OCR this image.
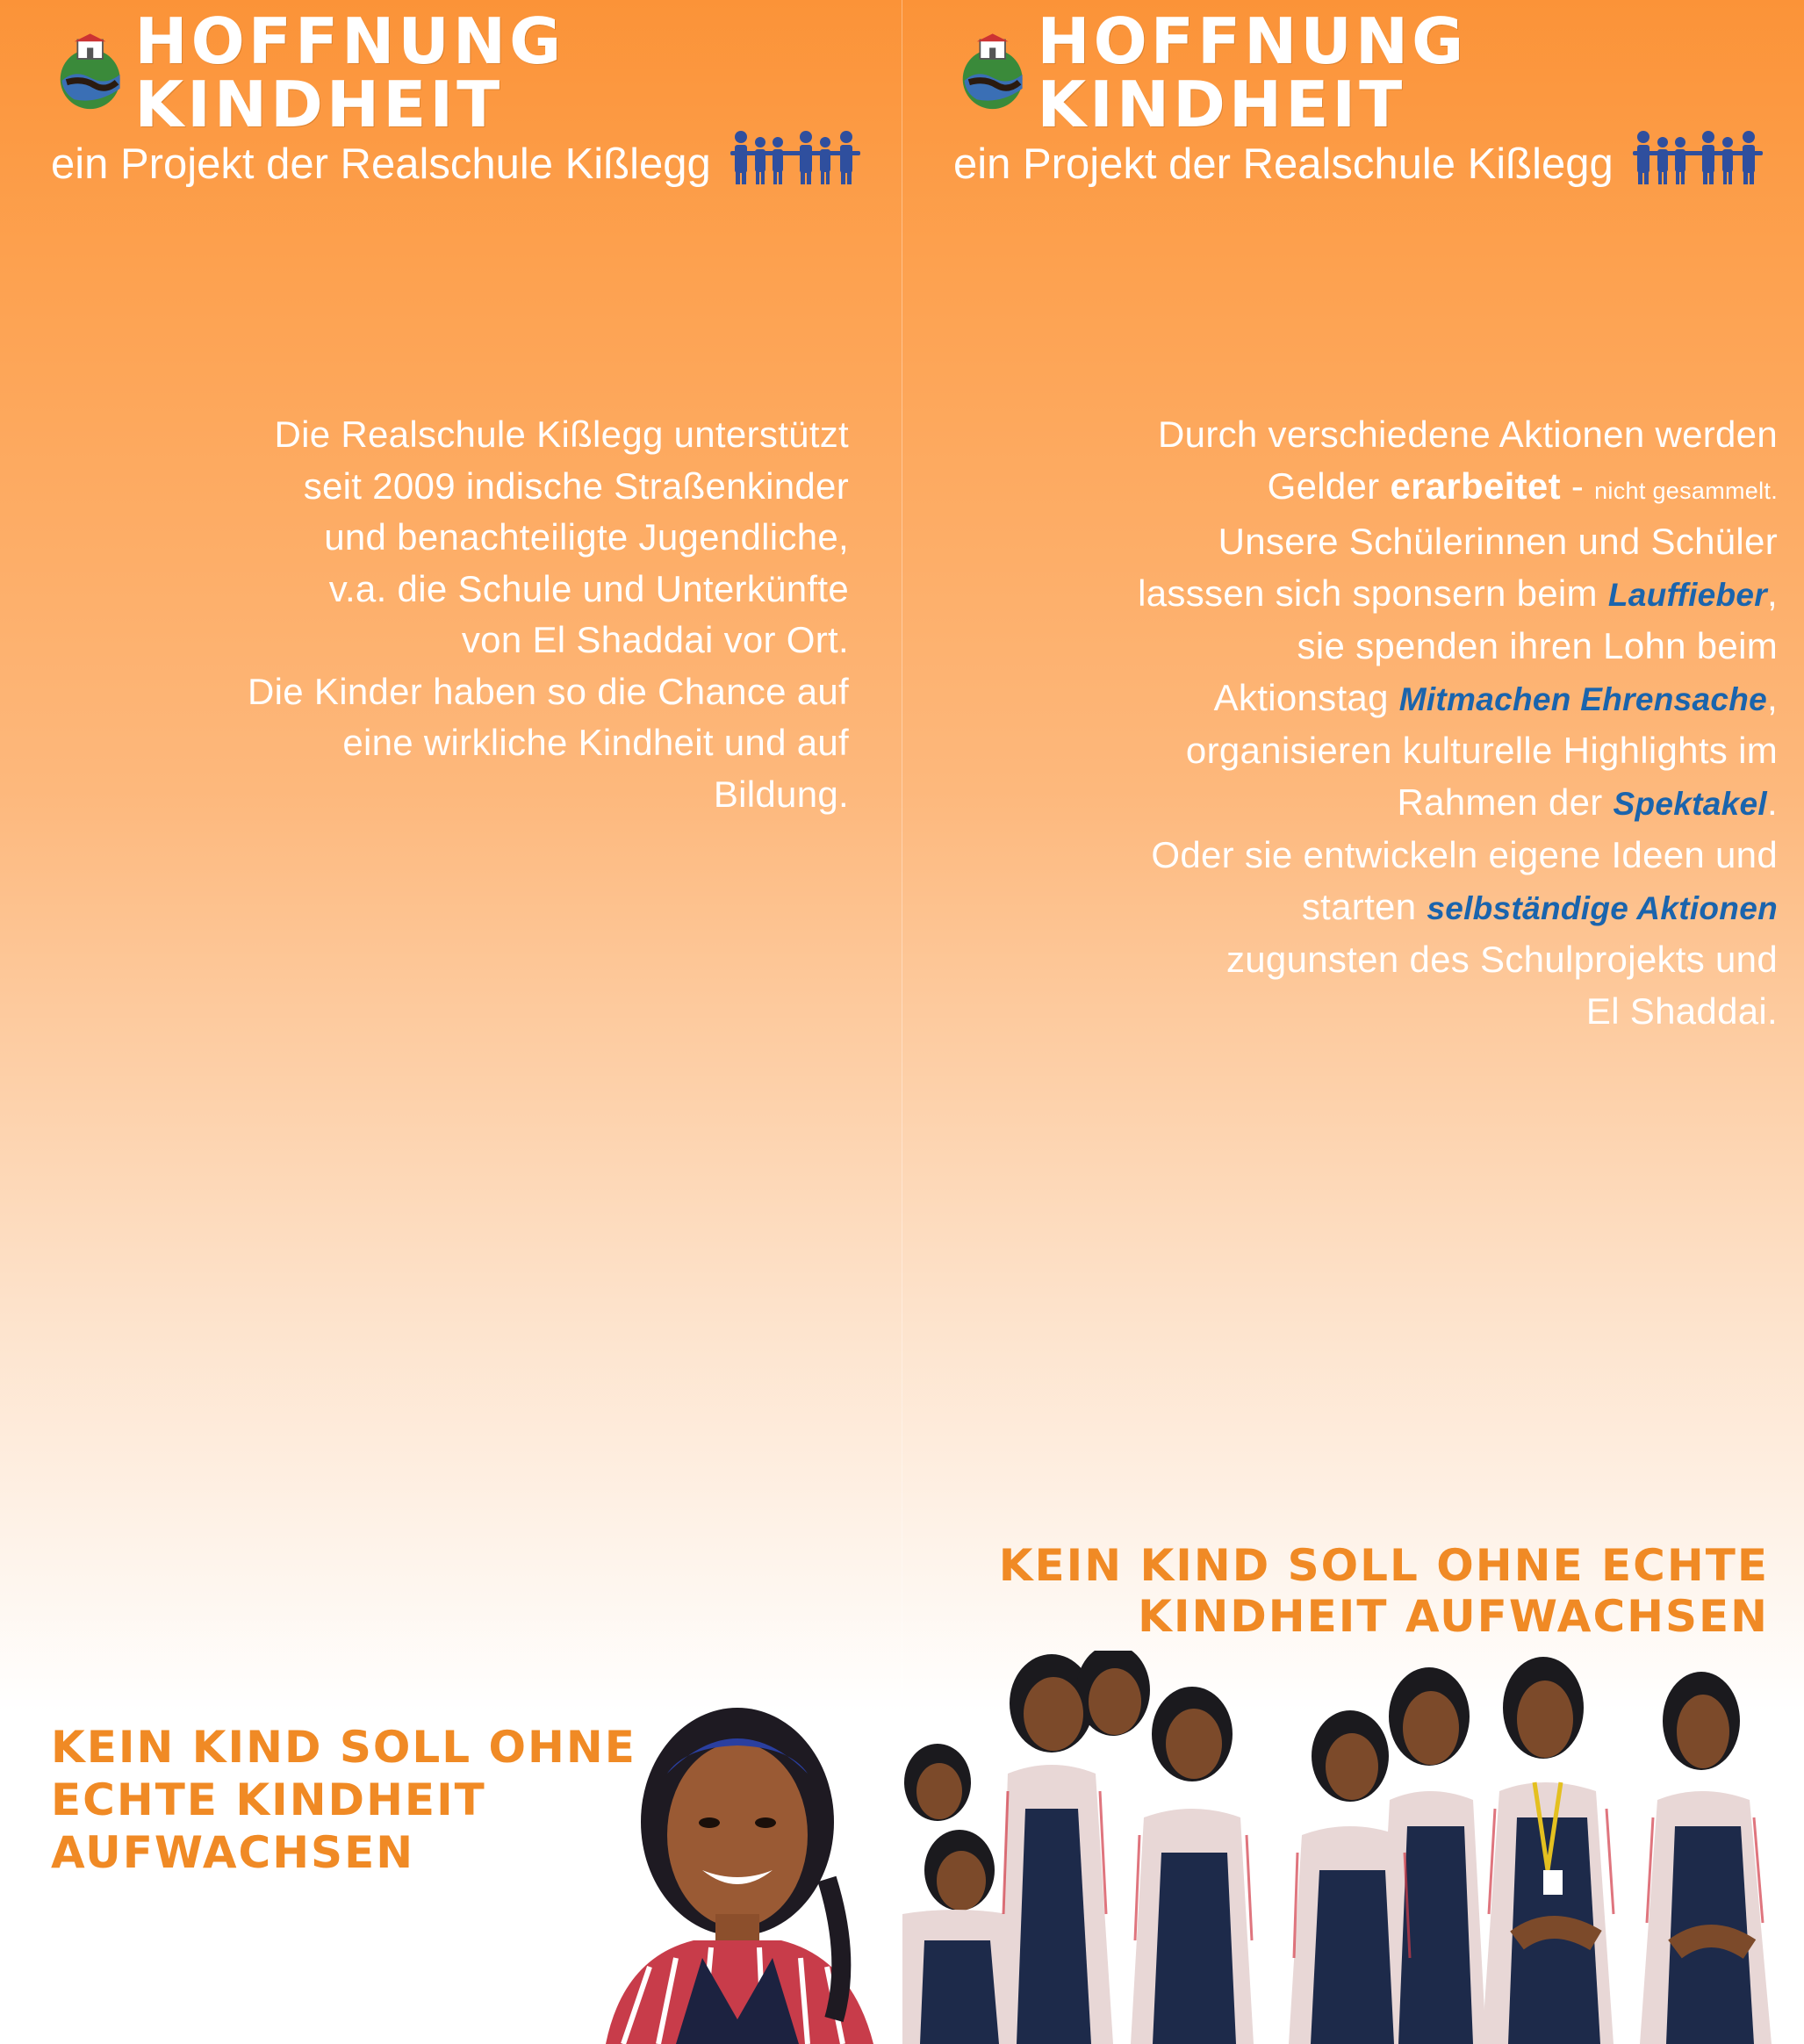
HOFFNUNG KINDHEIT
ein Projekt der Realschule Kißlegg
Die Realschule Kißlegg unterstützt
seit 2009 indische Straßenkinder
und benachteiligte Jugendliche,
v.a. die Schule und Unterkünfte
von El Shaddai vor Ort.
Die Kinder haben so die Chance auf
eine wirkliche Kindheit und auf
Bildung.
KEIN KIND SOLL OHNE
ECHTE KINDHEIT
AUFWACHSEN
HOFFNUNG KINDHEIT
ein Projekt der Realschule Kißlegg
Durch verschiedene Aktionen werden
Gelder erarbeitet - nicht gesammelt.
Unsere Schülerinnen und Schüler
lasssen sich sponsern beim Lauffieber,
sie spenden ihren Lohn beim
Aktionstag Mitmachen Ehrensache,
organisieren kulturelle Highlights im
Rahmen der Spektakel.
Oder sie entwickeln eigene Ideen und
starten selbständige Aktionen
zugunsten des Schulprojekts und
El Shaddai.
KEIN KIND SOLL OHNE ECHTE
KINDHEIT AUFWACHSEN
